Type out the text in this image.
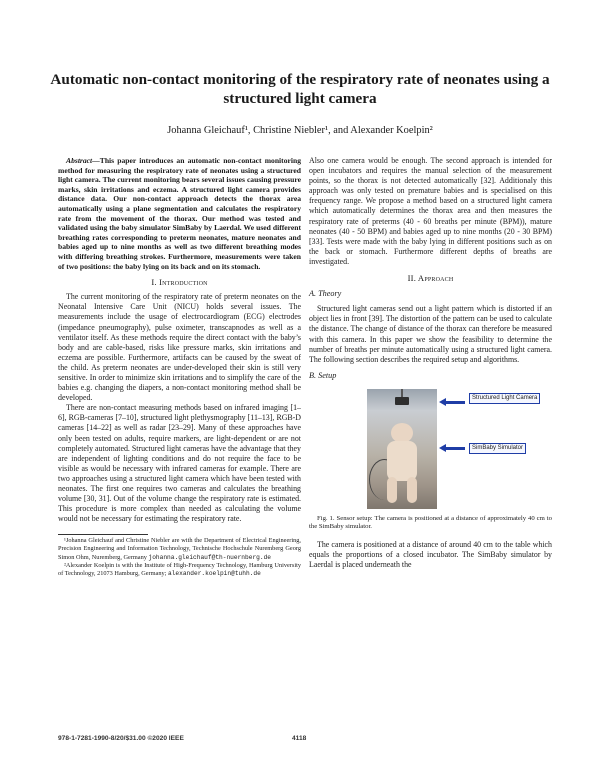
Automatic non-contact monitoring of the respiratory rate of neonates using a structured light camera
Johanna Gleichauf¹, Christine Niebler¹, and Alexander Koelpin²

Abstract—This paper introduces an automatic non-contact monitoring method for measuring the respiratory rate of neonates using a structured light camera. The current monitoring bears several issues causing pressure marks, skin irritations and eczema. A structured light camera provides distance data. Our non-contact approach detects the thorax area automatically using a plane segmentation and calculates the respiratory rate from the movement of the thorax. Our method was tested and validated using the baby simulator SimBaby by Laerdal. We used different breathing rates corresponding to preterm neonates, mature neonates and babies aged up to nine months as well as two different breathing modes with differing breathing strokes. Furthermore, measurements were taken of two positions: the baby lying on its back and on its stomach.

I. Introduction

The current monitoring of the respiratory rate of preterm neonates on the Neonatal Intensive Care Unit (NICU) holds several issues. The measurements include the usage of electrocardiogram (ECG) electrodes (impedance pneumography), pulse oximeter, transcapnodes as well as a ventilator itself. As these methods require the direct contact with the baby’s body and are cable-based, risks like pressure marks, skin irritations and eczema are possible. Furthermore, artifacts can be caused by the sweat of the child. As preterm neonates are under-developed their skin is still very sensitive. In order to minimize skin irritations and to simplify the care of the babies e.g. changing the diapers, a non-contact monitoring method shall be developed.

There are non-contact measuring methods based on infrared imaging [1–6], RGB-cameras [7–10], structured light plethysmography [11–13], RGB-D cameras [14–22] as well as radar [23–29]. Many of these approaches have only been tested on adults, require markers, are light-dependent or are not completely automated. Structured light cameras have the advantage that they are independent of lighting conditions and do not require the face to be visible as would be necessary with infrared cameras for example. There are two approaches using a structured light camera which have been tested with neonates. The first one requires two cameras and calculates the breathing volume [30, 31]. Out of the volume change the respiratory rate is estimated. This procedure is more complex than needed as calculating the volume would not be necessary for estimating the respiratory rate.

¹Johanna Gleichauf and Christine Niebler are with the Department of Electrical Engineering, Precision Engineering and Information Technology, Technische Hochschule Nuremberg Georg Simon Ohm, Nuremberg, Germany johanna.gleichauf@th-nuernberg.de

²Alexander Koelpin is with the Institute of High-Frequency Technology, Hamburg University of Technology, 21073 Hamburg, Germany; alexander.koelpin@tuhh.de

Also one camera would be enough. The second approach is intended for open incubators and requires the manual selection of the measurement points, so the thorax is not detected automatically [32]. Additionaly this approach was only tested on premature babies and is specialised on this frequency range. We propose a method based on a structured light camera which automatically determines the thorax area and then measures the respiratory rate of preterms (40 - 60 breaths per minute (BPM)), mature neonates (40 - 50 BPM) and babies aged up to nine months (20 - 30 BPM) [33]. Tests were made with the baby lying in different positions such as on the back or stomach. Furthermore different depths of breaths are investigated.

II. Approach
A. Theory

Structured light cameras send out a light pattern which is distorted if an object lies in front [39]. The distortion of the pattern can be used to calculate the distance. The change of distance of the thorax can therefore be measured with this camera. In this paper we show the feasibility to determine the number of breaths per minute automatically using a structured light camera. The following section describes the required setup and algorithms.

B. Setup
Structured Light Camera
SimBaby Simulator

Fig. 1. Sensor setup: The camera is positioned at a distance of approximately 40 cm to the SimBaby simulator.

The camera is positioned at a distance of around 40 cm to the table which equals the proportions of a closed incubator. The SimBaby simulator by Laerdal is placed underneath the

978-1-7281-1990-8/20/$31.00 ©2020 IEEE	4118
